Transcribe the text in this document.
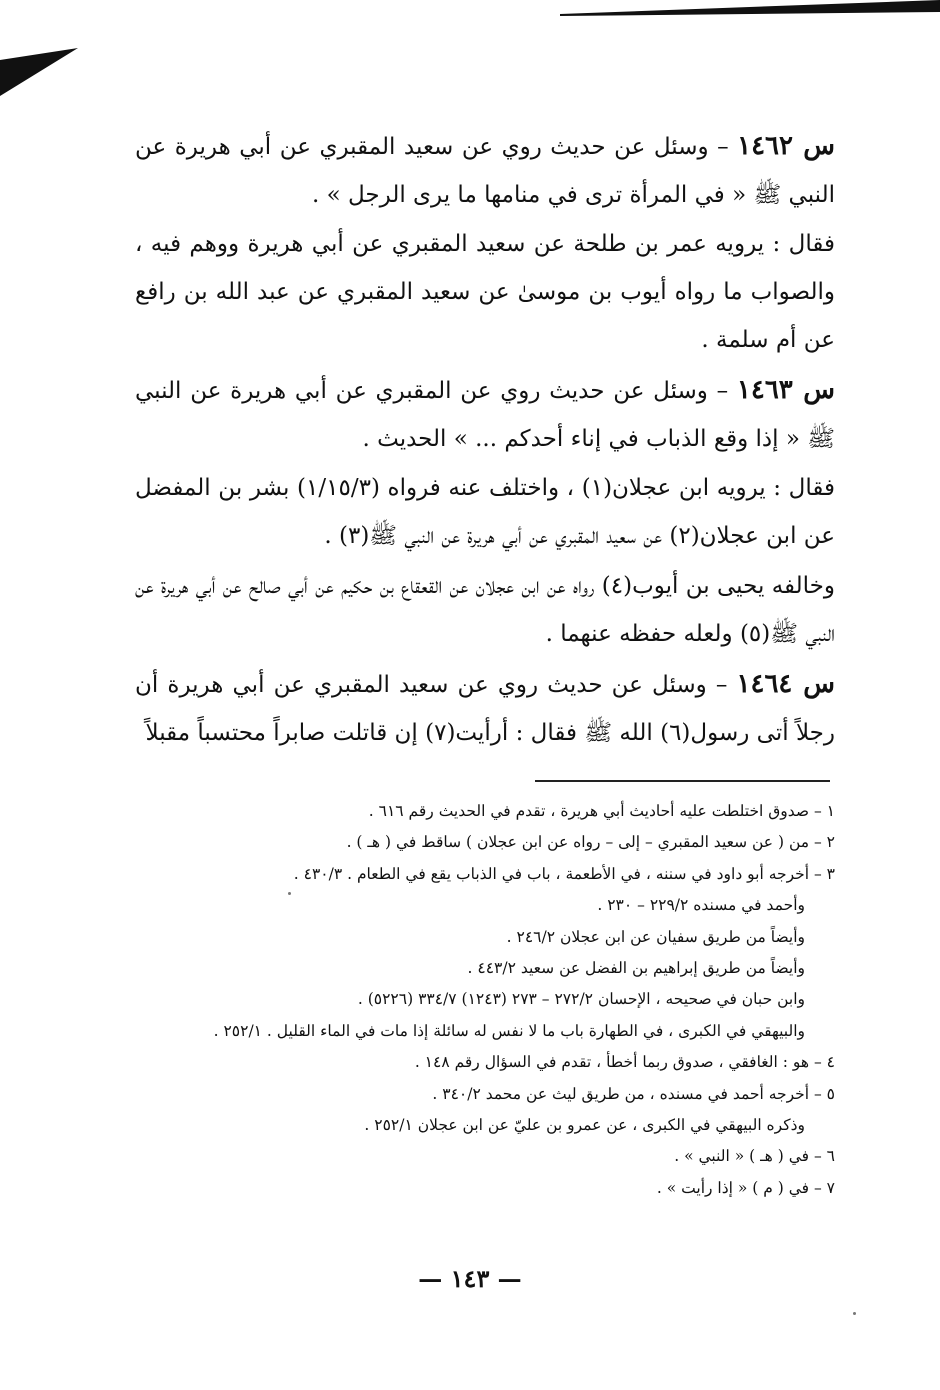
س ١٤٦٢ – وسئل عن حديث روي عن سعيد المقبري عن أبي هريرة عن النبي ﷺ « في المرأة ترى في منامها ما يرى الرجل » .

فقال : يرويه عمر بن طلحة عن سعيد المقبري عن أبي هريرة ووهم فيه ، والصواب ما رواه أيوب بن موسىٰ عن سعيد المقبري عن عبد الله بن رافع عن أم سلمة .

س ١٤٦٣ – وسئل عن حديث روي عن المقبري عن أبي هريرة عن النبي ﷺ « إذا وقع الذباب في إناء أحدكم ... » الحديث .

فقال : يرويه ابن عجلان(١) ، واختلف عنه فرواه (١/١٥/٣) بشر بن المفضل عن ابن عجلان(٢) عن سعيد المقبري عن أبي هريرة عن النبي ﷺ(٣) .

وخالفه يحيى بن أيوب(٤) رواه عن ابن عجلان عن القعقاع بن حكيم عن أبي صالح عن أبي هريرة عن النبي ﷺ(٥) ولعله حفظه عنهما .

س ١٤٦٤ – وسئل عن حديث روي عن سعيد المقبري عن أبي هريرة أن رجلاً أتى رسول(٦) الله ﷺ فقال : أرأيت(٧) إن قاتلت صابراً محتسباً مقبلاً

١ – صدوق اختلطت عليه أحاديث أبي هريرة ، تقدم في الحديث رقم ٦١٦ .
٢ – من ( عن سعيد المقبري – إلى – رواه عن ابن عجلان ) ساقط في ( هـ ) .
٣ – أخرجه أبو داود في سننه ، في الأطعمة ، باب في الذباب يقع في الطعام . ٤٣٠/٣ .
وأحمد في مسنده ٢٢٩/٢ – ٢٣٠ .
وأيضاً من طريق سفيان عن ابن عجلان ٢٤٦/٢ .
وأيضاً من طريق إبراهيم بن الفضل عن سعيد ٤٤٣/٢ .
وابن حبان في صحيحه ، الإحسان ٢٧٢/٢ – ٢٧٣ (١٢٤٣) ٣٣٤/٧ (٥٢٢٦) .
والبيهقي في الكبرى ، في الطهارة باب ما لا نفس له سائلة إذا مات في الماء القليل . ٢٥٢/١ .
٤ – هو : الغافقي ، صدوق ربما أخطأ ، تقدم في السؤال رقم ١٤٨ .
٥ – أخرجه أحمد في مسنده ، من طريق ليث عن محمد ٣٤٠/٢ .
وذكره البيهقي في الكبرى ، عن عمرو بن عليّ عن ابن عجلان ٢٥٢/١ .
٦ – في ( هـ ) « النبي » .
٧ – في ( م ) « إذا رأيت » .
— ١٤٣ —
